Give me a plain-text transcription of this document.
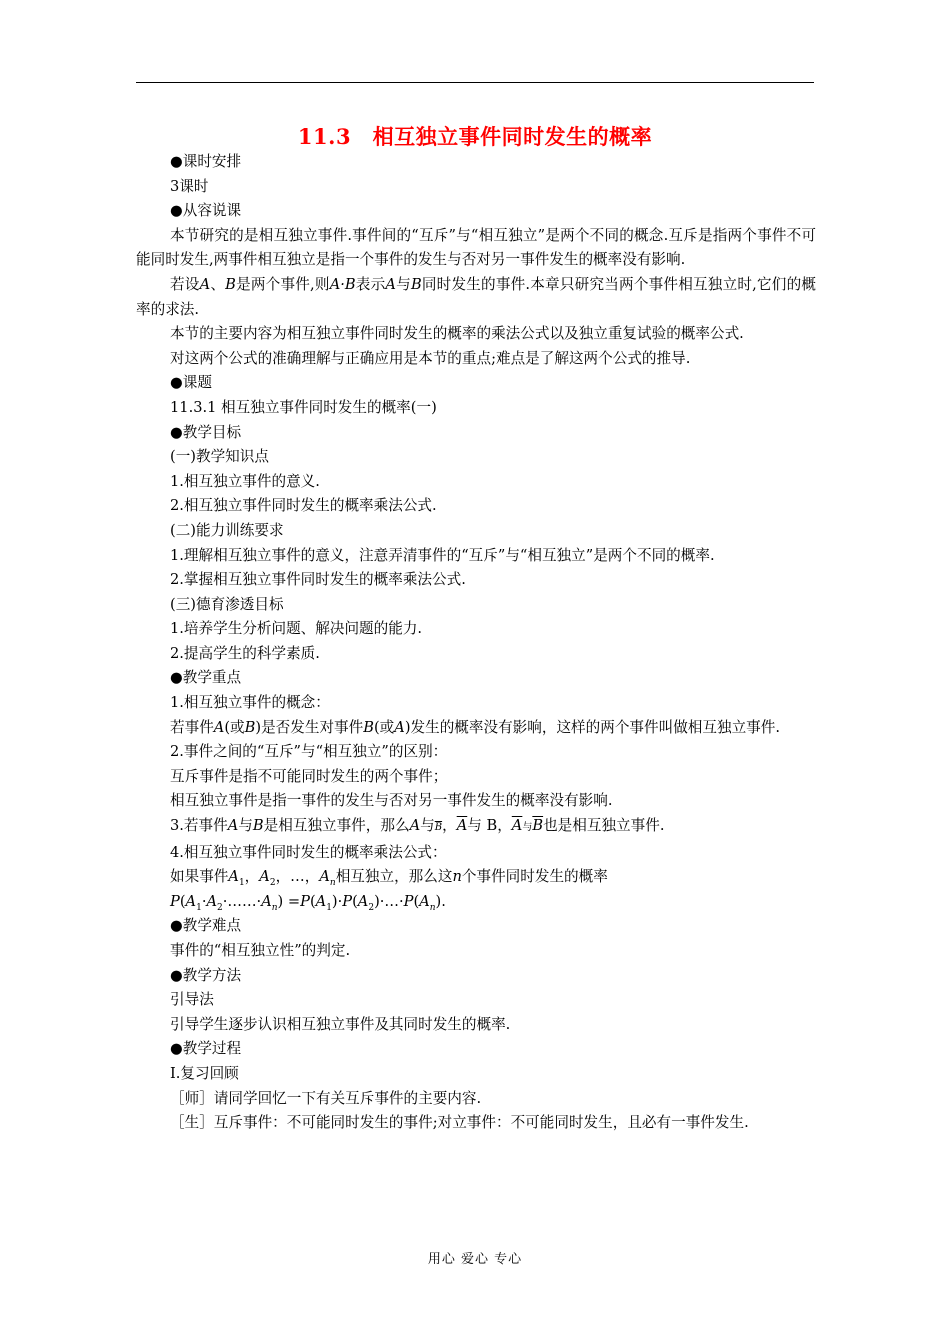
11.3　相互独立事件同时发生的概率

●课时安排

3课时

●从容说课

本节研究的是相互独立事件.事件间的“互斥”与“相互独立”是两个不同的概念.互斥是指两个事件不可能同时发生,两事件相互独立是指一个事件的发生与否对另一事件发生的概率没有影响.

若设A、B是两个事件,则A·B表示A与B同时发生的事件.本章只研究当两个事件相互独立时,它们的概率的求法.

本节的主要内容为相互独立事件同时发生的概率的乘法公式以及独立重复试验的概率公式.

对这两个公式的准确理解与正确应用是本节的重点;难点是了解这两个公式的推导.

●课题

11.3.1 相互独立事件同时发生的概率(一)

●教学目标

(一)教学知识点

1.相互独立事件的意义.

2.相互独立事件同时发生的概率乘法公式.

(二)能力训练要求

1.理解相互独立事件的意义，注意弄清事件的“互斥”与“相互独立”是两个不同的概率.

2.掌握相互独立事件同时发生的概率乘法公式.

(三)德育渗透目标

1.培养学生分析问题、解决问题的能力.

2.提高学生的科学素质.

●教学重点

1.相互独立事件的概念：

若事件A(或B)是否发生对事件B(或A)发生的概率没有影响，这样的两个事件叫做相互独立事件.

2.事件之间的“互斥”与“相互独立”的区别：

互斥事件是指不可能同时发生的两个事件；

相互独立事件是指一事件的发生与否对另一事件发生的概率没有影响.

3.若事件A与B是相互独立事件，那么A与$\overline{B}$，$\overline{A}$与 B，$\overline{A}$与$\overline{B}$也是相互独立事件.

4.相互独立事件同时发生的概率乘法公式：

如果事件$A_1$，$A_2$，…，$A_n$相互独立，那么这n个事件同时发生的概率

$P(A_1\cdot A_2\cdot\dots\dots\cdot A_n)$ $=P(A_1)\cdot P(A_2)\cdot\dots\cdot P(A_n)$.

●教学难点

事件的“相互独立性”的判定.

●教学方法

引导法

引导学生逐步认识相互独立事件及其同时发生的概率.

●教学过程

Ⅰ.复习回顾

［师］请同学回忆一下有关互斥事件的主要内容.

［生］互斥事件：不可能同时发生的事件;对立事件：不可能同时发生，且必有一事件发生.

用心 爱心 专心
